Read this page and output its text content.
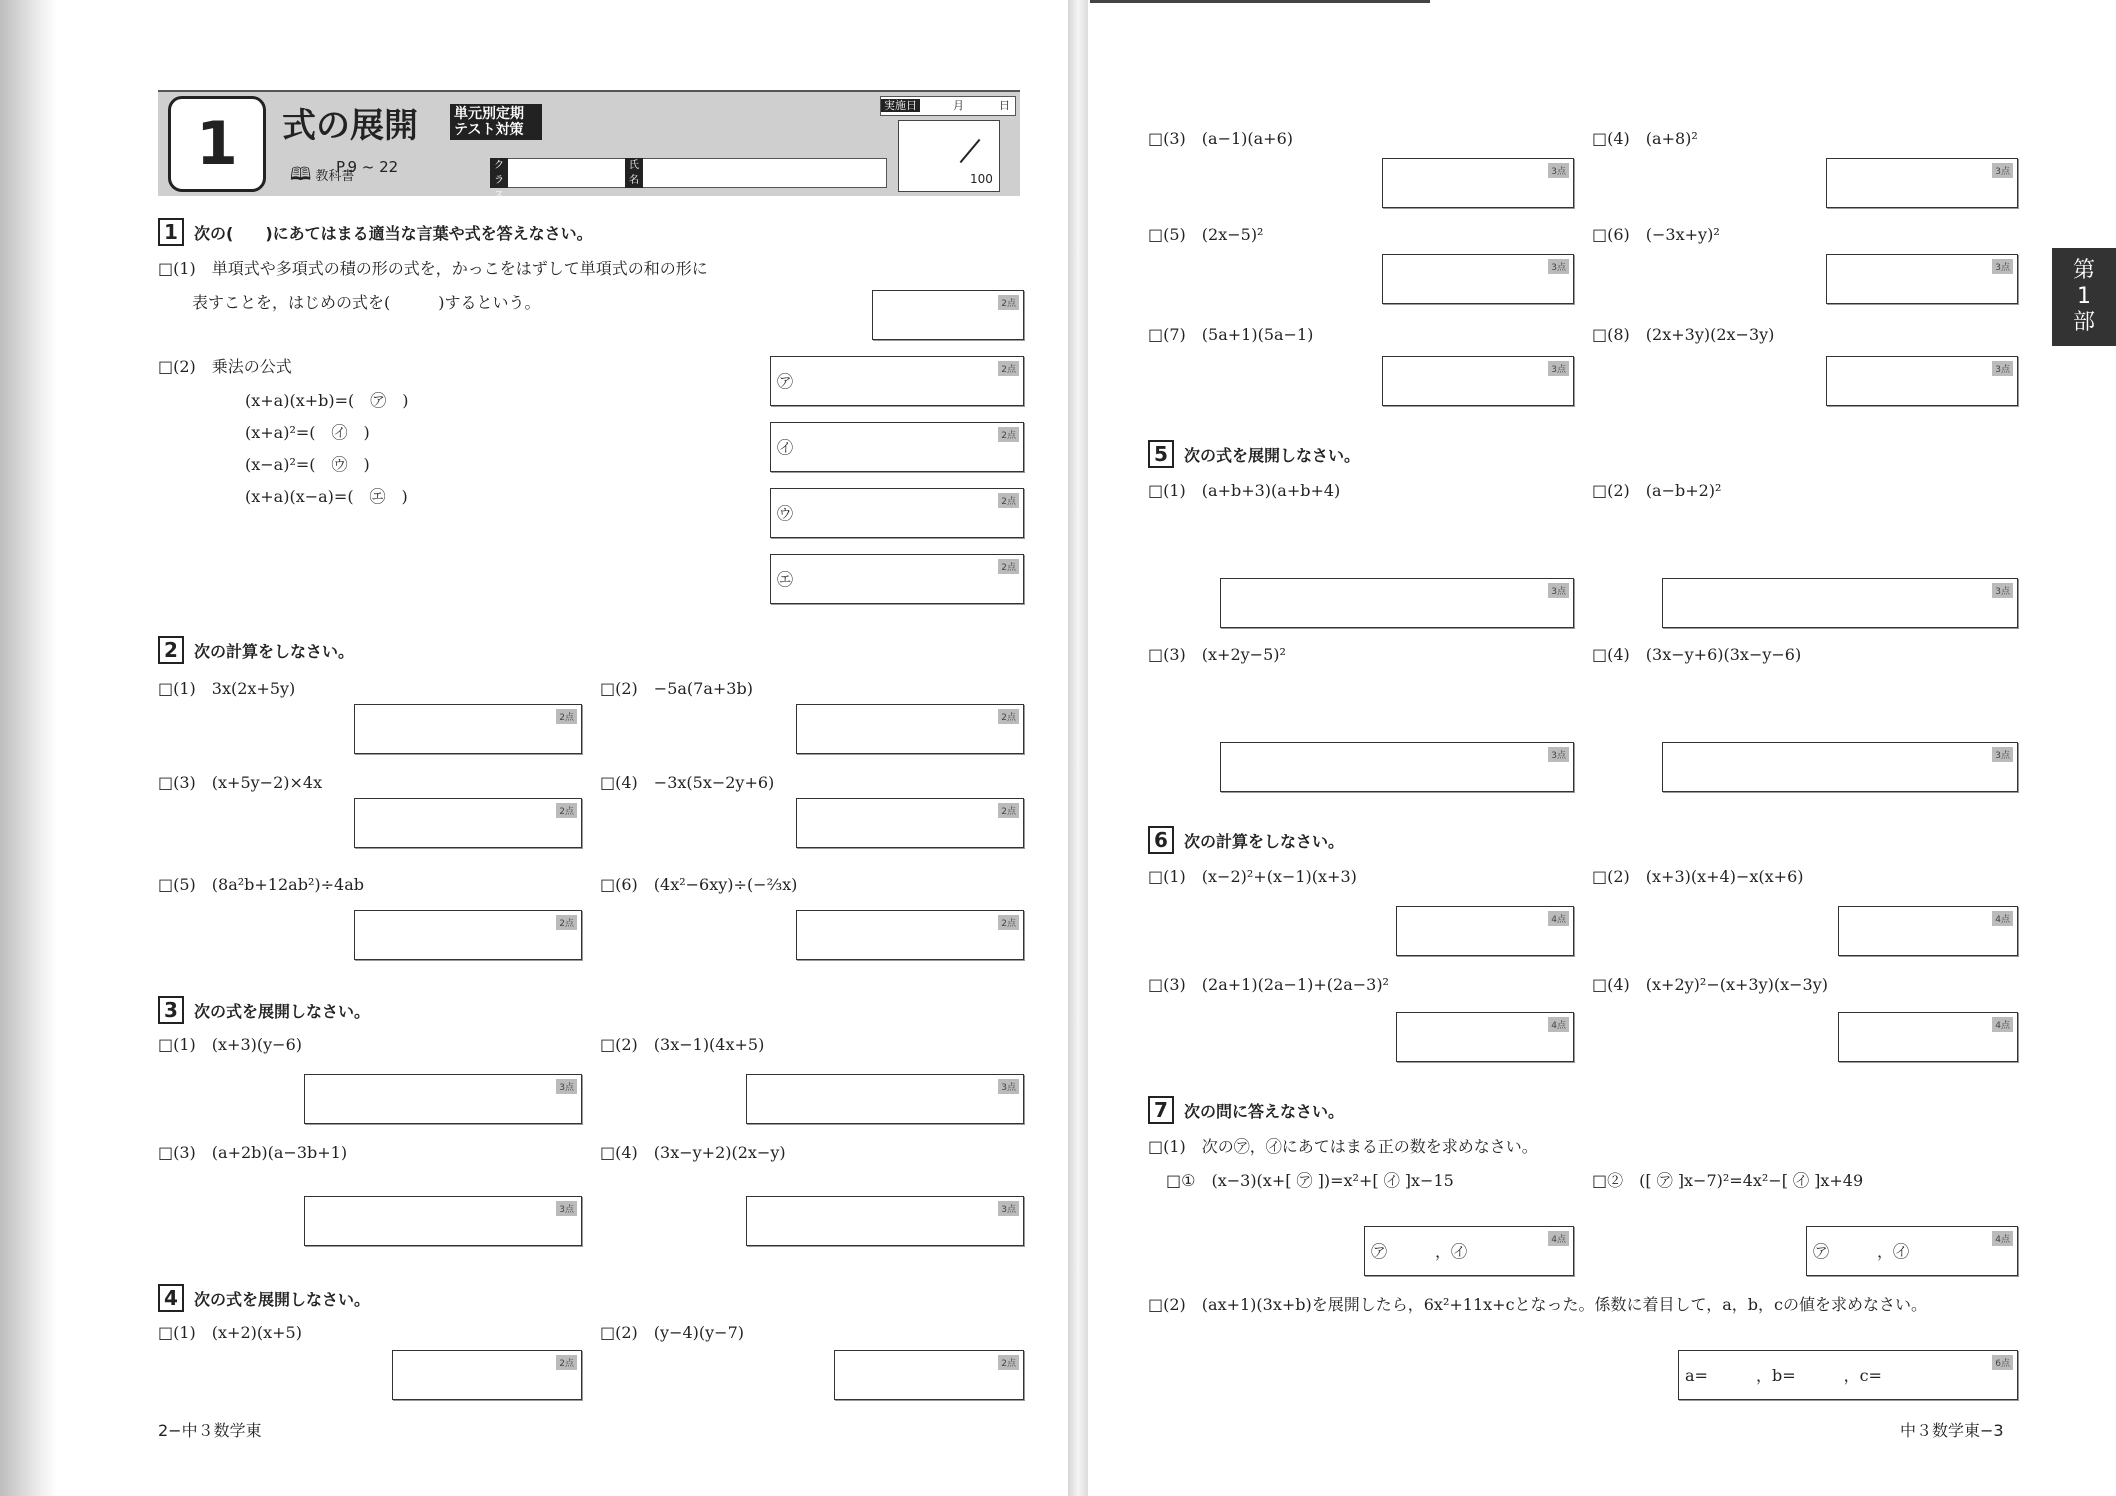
1	式の展開	単元別定期
テスト対策
🕮 教科書
P.9 ~ 22	クラス
氏名
実施日	月	日
100
1 次の(　　)にあてはまる適当な言葉や式を答えなさい。
□(1)　単項式や多項式の積の形の式を，かっこをはずして単項式の和の形に
表すことを，はじめの式を(　　　)するという。	2点
□(2)　乗法の公式
(x+a)(x+b)=(　㋐　)
(x+a)²=(　㋑　)
(x−a)²=(　㋒　)
(x+a)(x−a)=(　㋓　)
㋐
2点
㋑
2点
㋒
2点
㋓
2点
2 次の計算をしなさい。
□(1)　3x(2x+5y)	□(2)　−5a(7a+3b)
2点	2点
□(3)　(x+5y−2)×4x	□(4)　−3x(5x−2y+6)
2点	2点
□(5)　(8a²b+12ab²)÷4ab	□(6)　(4x²−6xy)÷(−⅔x)
2点	2点
3 次の式を展開しなさい。
□(1)　(x+3)(y−6)	□(2)　(3x−1)(4x+5)
3点	3点
□(3)　(a+2b)(a−3b+1)	□(4)　(3x−y+2)(2x−y)
3点	3点
4 次の式を展開しなさい。
□(1)　(x+2)(x+5)	□(2)　(y−4)(y−7)
2点	2点
2−中３数学東
□(3)　(a−1)(a+6)	□(4)　(a+8)²
3点	3点
□(5)　(2x−5)²	□(6)　(−3x+y)²
3点	3点
□(7)　(5a+1)(5a−1)	□(8)　(2x+3y)(2x−3y)
3点	3点
5 次の式を展開しなさい。
□(1)　(a+b+3)(a+b+4)	□(2)　(a−b+2)²
3点	3点
□(3)　(x+2y−5)²	□(4)　(3x−y+6)(3x−y−6)
3点	3点
6 次の計算をしなさい。
□(1)　(x−2)²+(x−1)(x+3)	□(2)　(x+3)(x+4)−x(x+6)
4点	4点
□(3)　(2a+1)(2a−1)+(2a−3)²	□(4)　(x+2y)²−(x+3y)(x−3y)
4点	4点
7 次の問に答えなさい。
□(1)　次の㋐，㋑にあてはまる正の数を求めなさい。
□①　(x−3)(x+[ ㋐ ])=x²+[ ㋑ ]x−15	□②　([ ㋐ ]x−7)²=4x²−[ ㋑ ]x+49
㋐　　　，㋑
4点
㋐　　　，㋑
4点
□(2)　(ax+1)(3x+b)を展開したら，6x²+11x+cとなった。係数に着目して，a，b，cの値を求めなさい。
a=　　　，b=　　　，c=
6点
中３数学東−3
第
1
部
